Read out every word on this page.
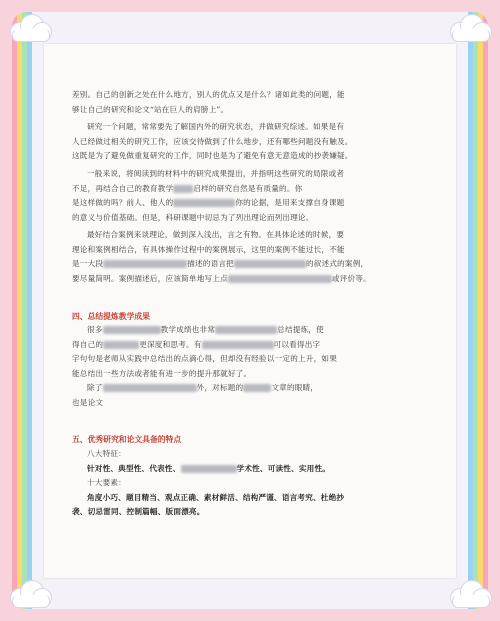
差别。自己的创新之处在什么地方，别人的优点又是什么？诸如此类的问题，能

够让自己的研究和论文“站在巨人的肩膀上”。

研究一个问题，常常要先了解国内外的研究状态，并做研究综述。如果是有

人已经做过相关的研究工作，应该交待做到了什么地步，还有哪些问题没有触及。

这既是为了避免做重复研究的工作，同时也是为了避免有意无意造成的抄袭嫌疑。

一般来说，将阅读到的材料中的研究成果提出，并指明这些研究的局限或者

不足，再结合自己的教育教学	启样的研究自然是有质量的。你

是这样做的吗？前人、他人的	你的论据，是用来支撑自身课题

的意义与价值基础。但是，科研课题中切忌为了列出理论而列出理论。

最好结合案例来谈理论，做到深入浅出，言之有物。在具体论述的时候，要

理论和案例相结合，有具体操作过程中的案例展示，这里的案例不能过长，不能

是一大段	描述的语言把	的叙述式的案例，

要尽量简明。案例描述后，应该简单地写上点	或评价等。

四、总结提炼教学成果

很多	教学成绩也非常	总结提炼，使

得自己的	更深度和思考。有	可以看得出字

字句句是老师从实践中总结出的点滴心得，但却没有经验以一定的上升，如果

能总结出一些方法或者能有进一步的提升那就好了。

除了	外，对标题的	文章的眼睛，

也是论文

五、优秀研究和论文具备的特点

八大特征：

针对性、典型性、代表性、	学术性、可读性、实用性。

十大要素：

角度小巧、题目精当、观点正确、素材鲜活、结构严谨、语言考究、杜绝抄

袭、切忌雷同、控制篇幅、版面漂亮。
